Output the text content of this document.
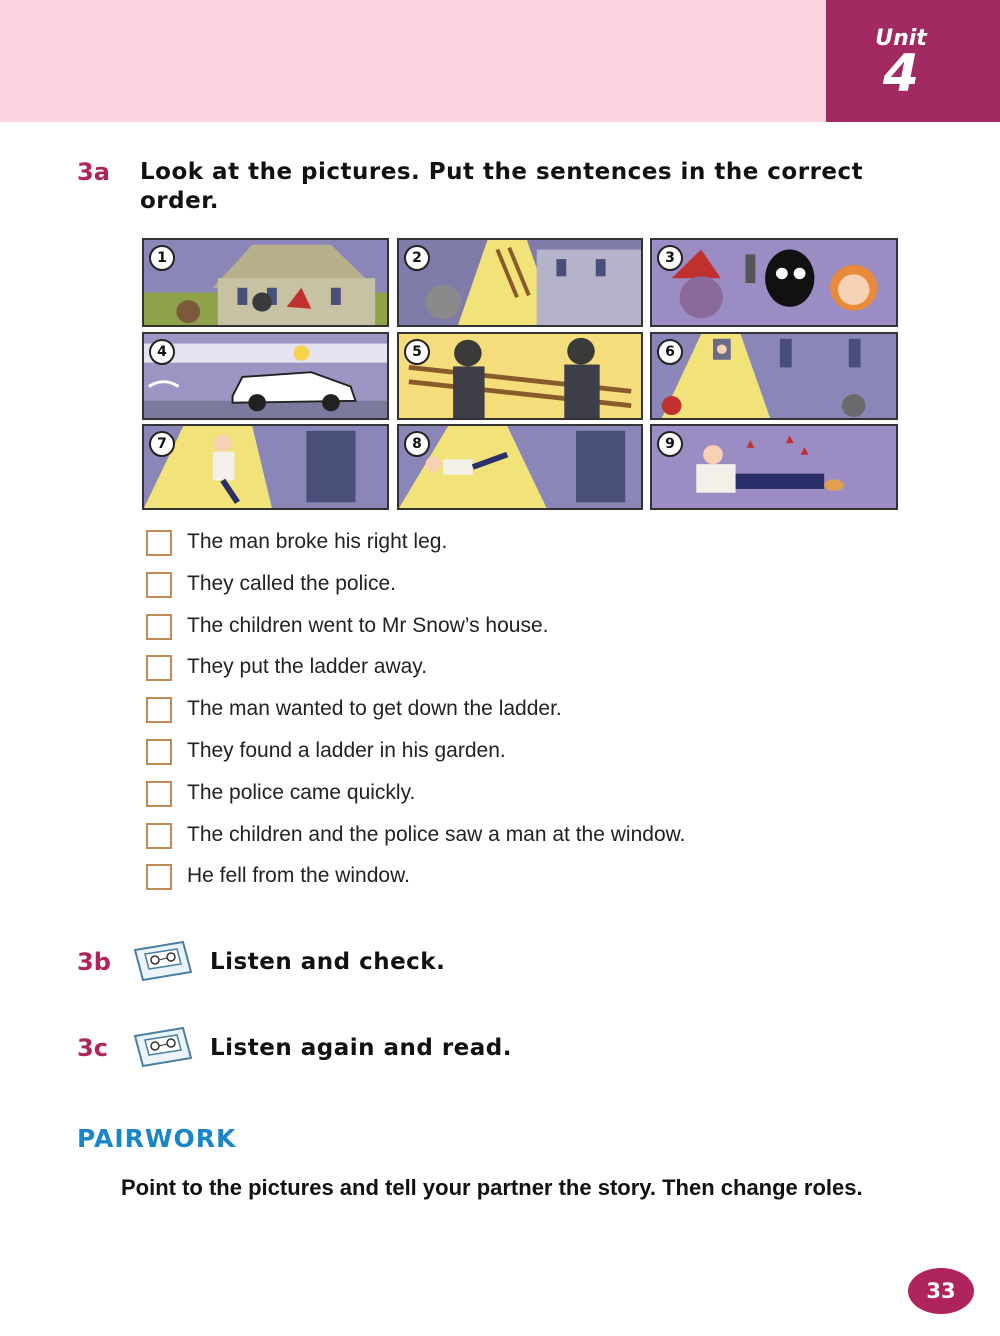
Unit
4
3a Look at the pictures. Put the sentences in the correct
order.
1	2	3
4	5	6
7	8	9
The man broke his right leg.
They called the police.
The children went to Mr Snow’s house.
They put the ladder away.
The man wanted to get down the ladder.
They found a ladder in his garden.
The police came quickly.
The children and the police saw a man at the window.
He fell from the window.
3b	Listen and check.
3c	Listen again and read.
PAIRWORK
Point to the pictures and tell your partner the story. Then change roles.
33
